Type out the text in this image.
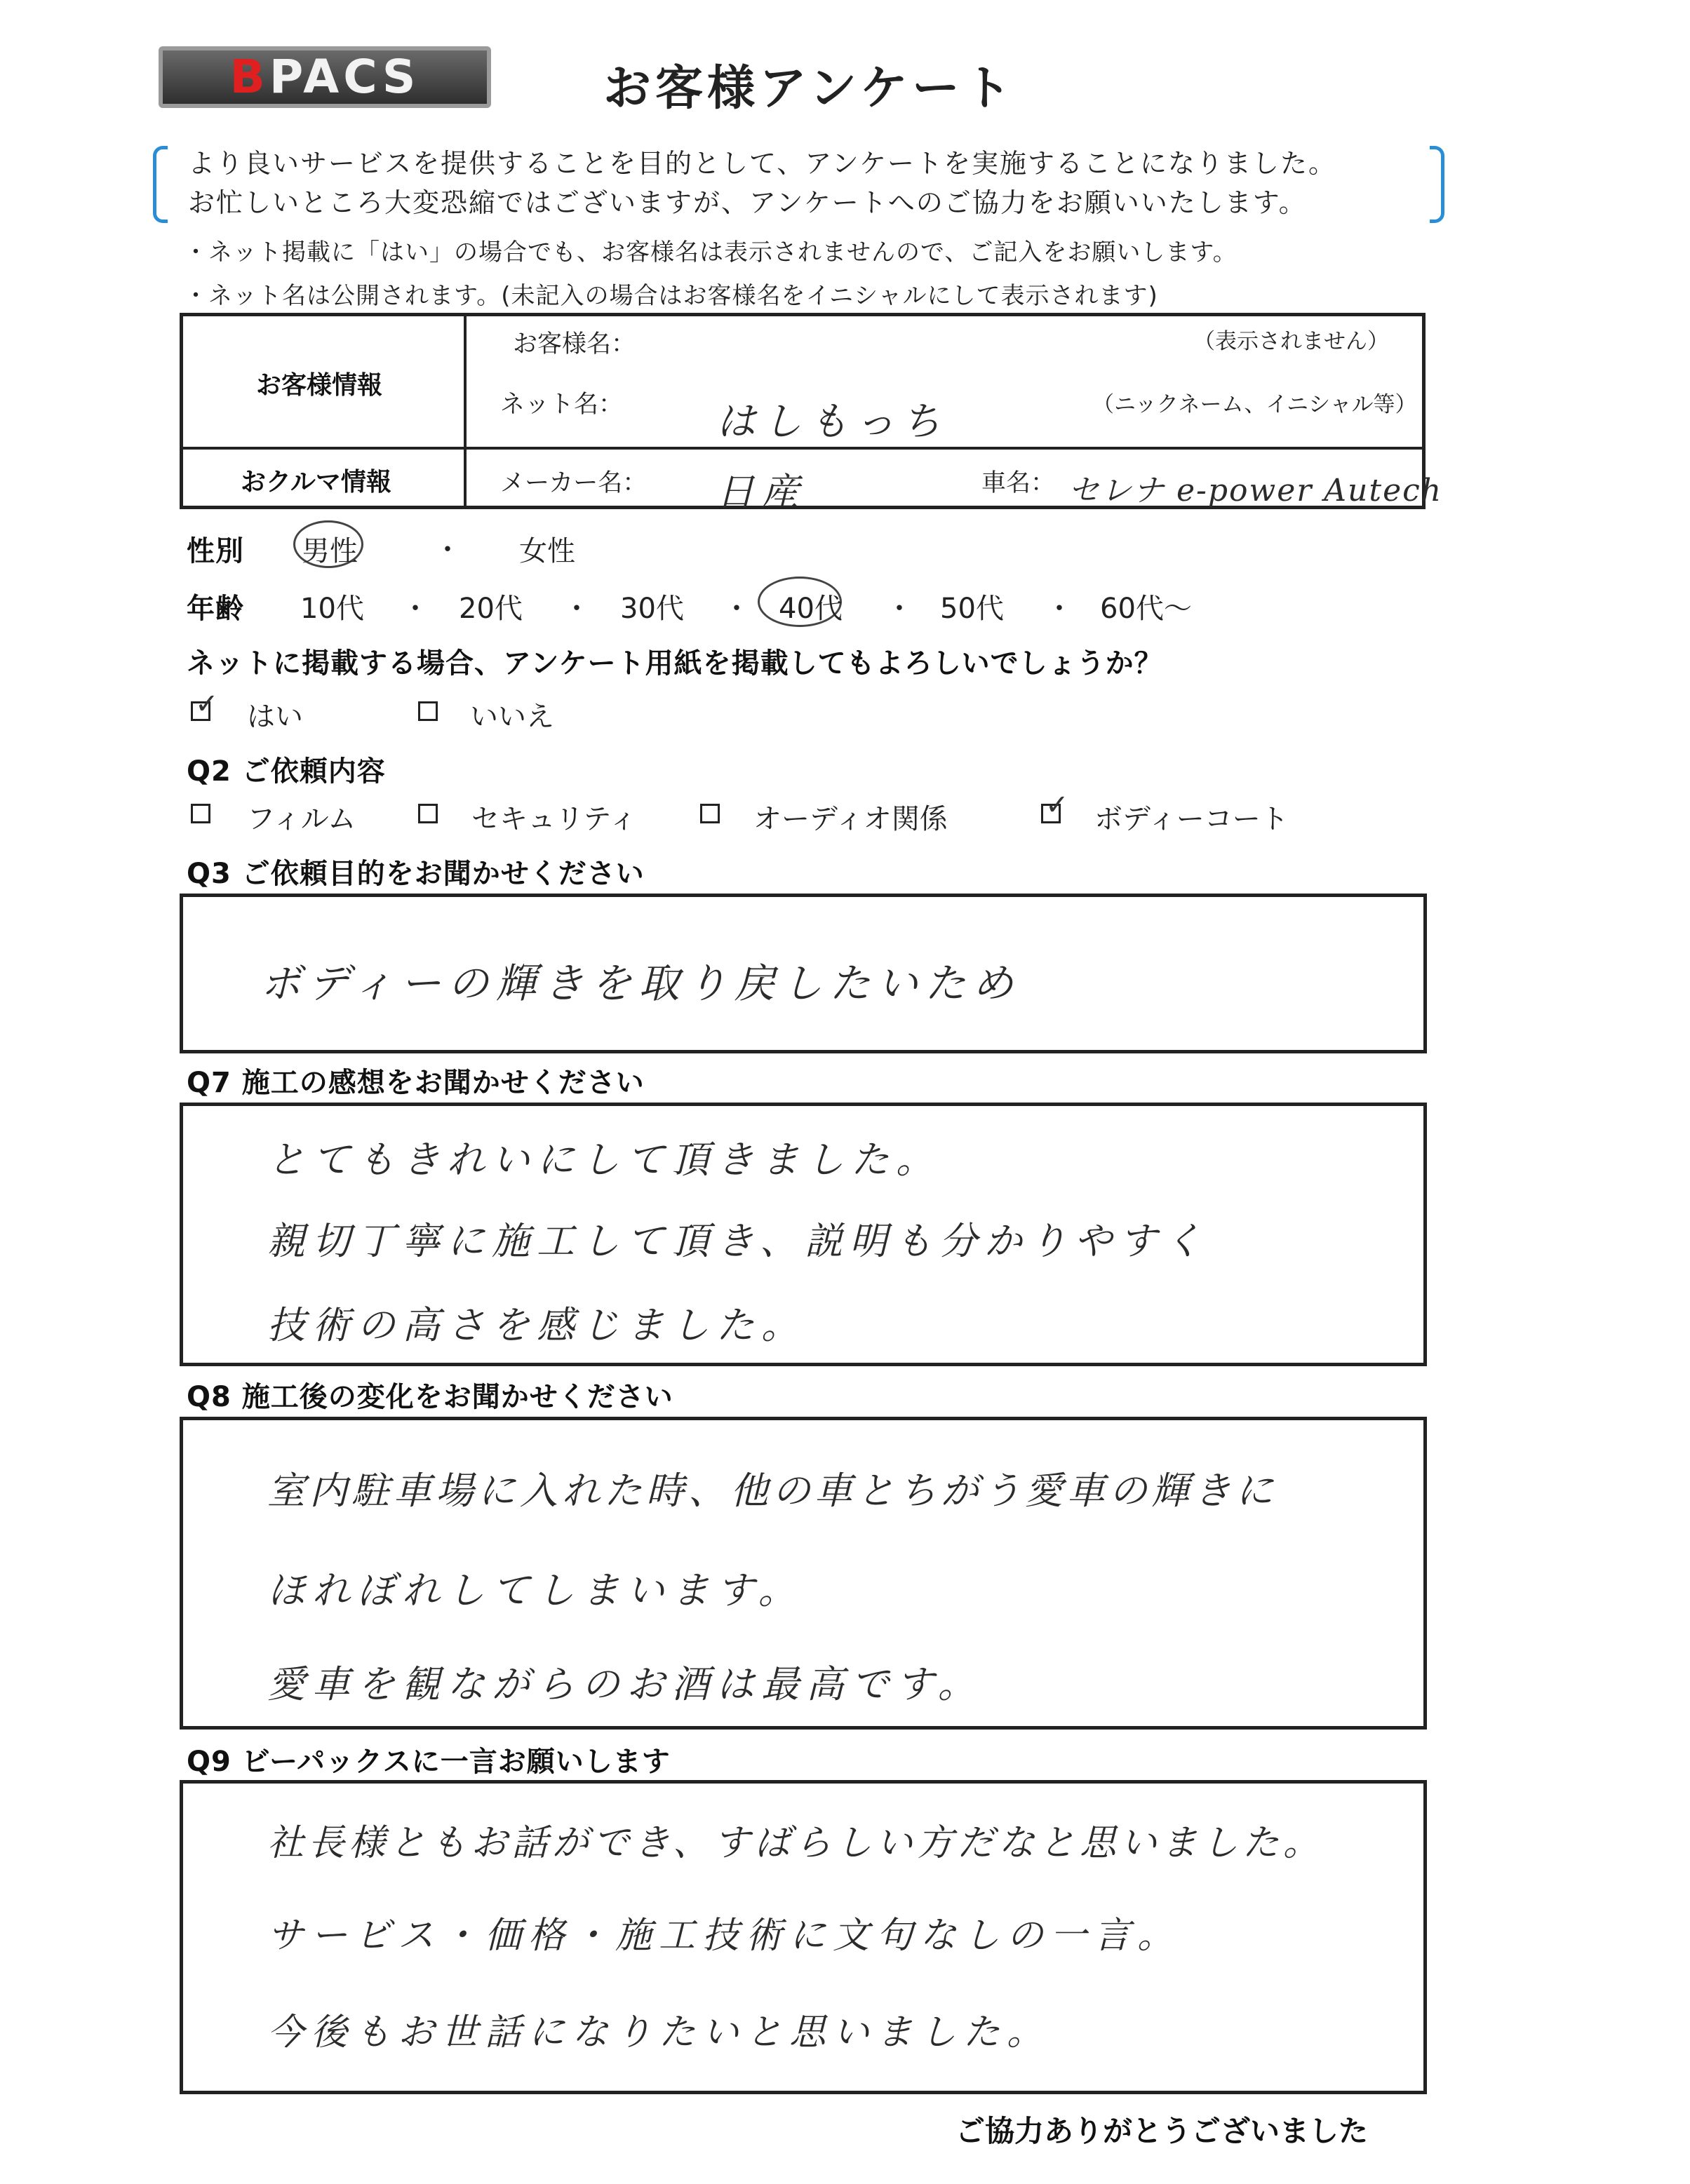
BPACS	お客様アンケート
より良いサービスを提供することを目的として、アンケートを実施することになりました。
お忙しいところ大変恐縮ではございますが、アンケートへのご協力をお願いいたします。
・ネット掲載に「はい」の場合でも、お客様名は表示されませんので、ご記入をお願いします。
・ネット名は公開されます。(未記入の場合はお客様名をイニシャルにして表示されます)
お客様情報
お客様名：	（表示されません）
ネット名： はしもっち	（ニックネーム、イニシャル等）
おクルマ情報	メーカー名： 日産	車名： セレナ e-power Autech
性別 男性	・ 女性
年齢 10代 ・ 20代 ・ 30代 ・ 40代 ・ 50代 ・ 60代～
ネットに掲載する場合、アンケート用紙を掲載してもよろしいでしょうか？
✓ はい	いいえ
Q2 ご依頼内容
フィルム	セキュリティ	オーディオ関係	✓ ボディーコート
Q3 ご依頼目的をお聞かせください
ボディーの輝きを取り戻したいため
Q7 施工の感想をお聞かせください
とてもきれいにして頂きました。
親切丁寧に施工して頂き、説明も分かりやすく
技術の高さを感じました。
Q8 施工後の変化をお聞かせください
室内駐車場に入れた時、他の車とちがう愛車の輝きに
ほれぼれしてしまいます。
愛車を観ながらのお酒は最高です。
Q9 ビーパックスに一言お願いします
社長様ともお話ができ、すばらしい方だなと思いました。
サービス・価格・施工技術に文句なしの一言。
今後もお世話になりたいと思いました。
ご協力ありがとうございました
